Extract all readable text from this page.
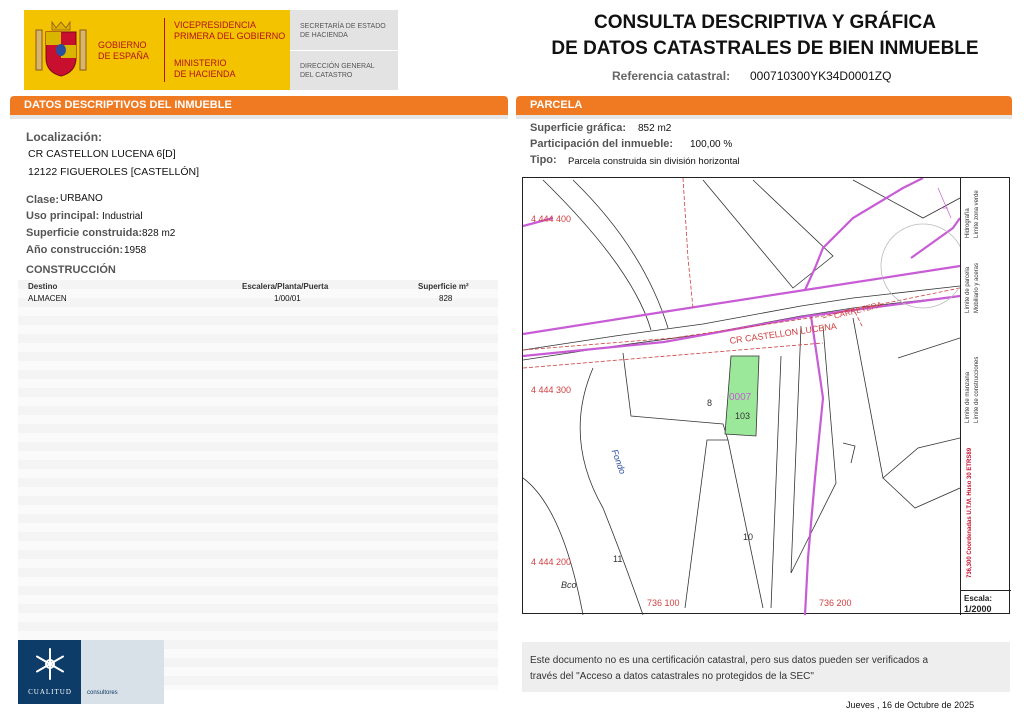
GOBIERNO
DE ESPAÑA
VICEPRESIDENCIA
PRIMERA DEL GOBIERNO
MINISTERIO
DE HACIENDA
SECRETARÍA DE ESTADO
DE HACIENDA
DIRECCIÓN GENERAL
DEL CATASTRO
CONSULTA DESCRIPTIVA Y GRÁFICA
DE DATOS CATASTRALES DE BIEN INMUEBLE
Referencia catastral: 000710300YK34D0001ZQ
DATOS DESCRIPTIVOS DEL INMUEBLE	PARCELA
Localización:
CR CASTELLON LUCENA 6[D]
12122 FIGUEROLES [CASTELLÓN]
Clase: URBANO
Uso principal: Industrial
Superficie construida: 828 m2
Año construcción: 1958
CONSTRUCCIÓN
Destino	Escalera/Planta/Puerta	Superficie m²
ALMACEN	1/00/01	828
CUALITUD	consultores
Superficie gráfica: 852 m2
Participación del inmueble: 100,00 %
Tipo: Parcela construida sin división horizontal
4 444 400
4 444 300
4 444 200
736 100	736 200
CR CASTELLON LUCENA
CARRETERA
0007
103
8
10
11
Fondo
Bco
736,300 Coordenadas U.T.M. Huso 30 ETRS89
Límite de manzana
Límite de parcela
Hidrografía
Límite de construcciones
Mobiliario y aceras
Límite zona verde
Escala:
1/2000
Este documento no es una certificación catastral, pero sus datos pueden ser verificados a
través del "Acceso a datos catastrales no protegidos de la SEC"
Jueves , 16 de Octubre de 2025
